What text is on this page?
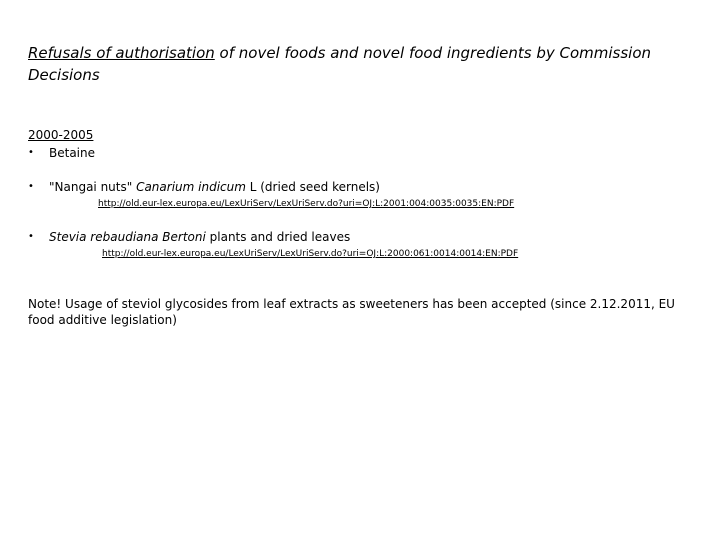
Refusals of authorisation of novel foods and novel food ingredients by Commission Decisions
2000-2005
• Betaine
• "Nangai nuts" Canarium indicum L (dried seed kernels)
http://old.eur-lex.europa.eu/LexUriServ/LexUriServ.do?uri=OJ:L:2001:004:0035:0035:EN:PDF
• Stevia rebaudiana Bertoni plants and dried leaves
http://old.eur-lex.europa.eu/LexUriServ/LexUriServ.do?uri=OJ:L:2000:061:0014:0014:EN:PDF
Note! Usage of steviol glycosides from leaf extracts as sweeteners has been accepted (since 2.12.2011, EU food additive legislation)
